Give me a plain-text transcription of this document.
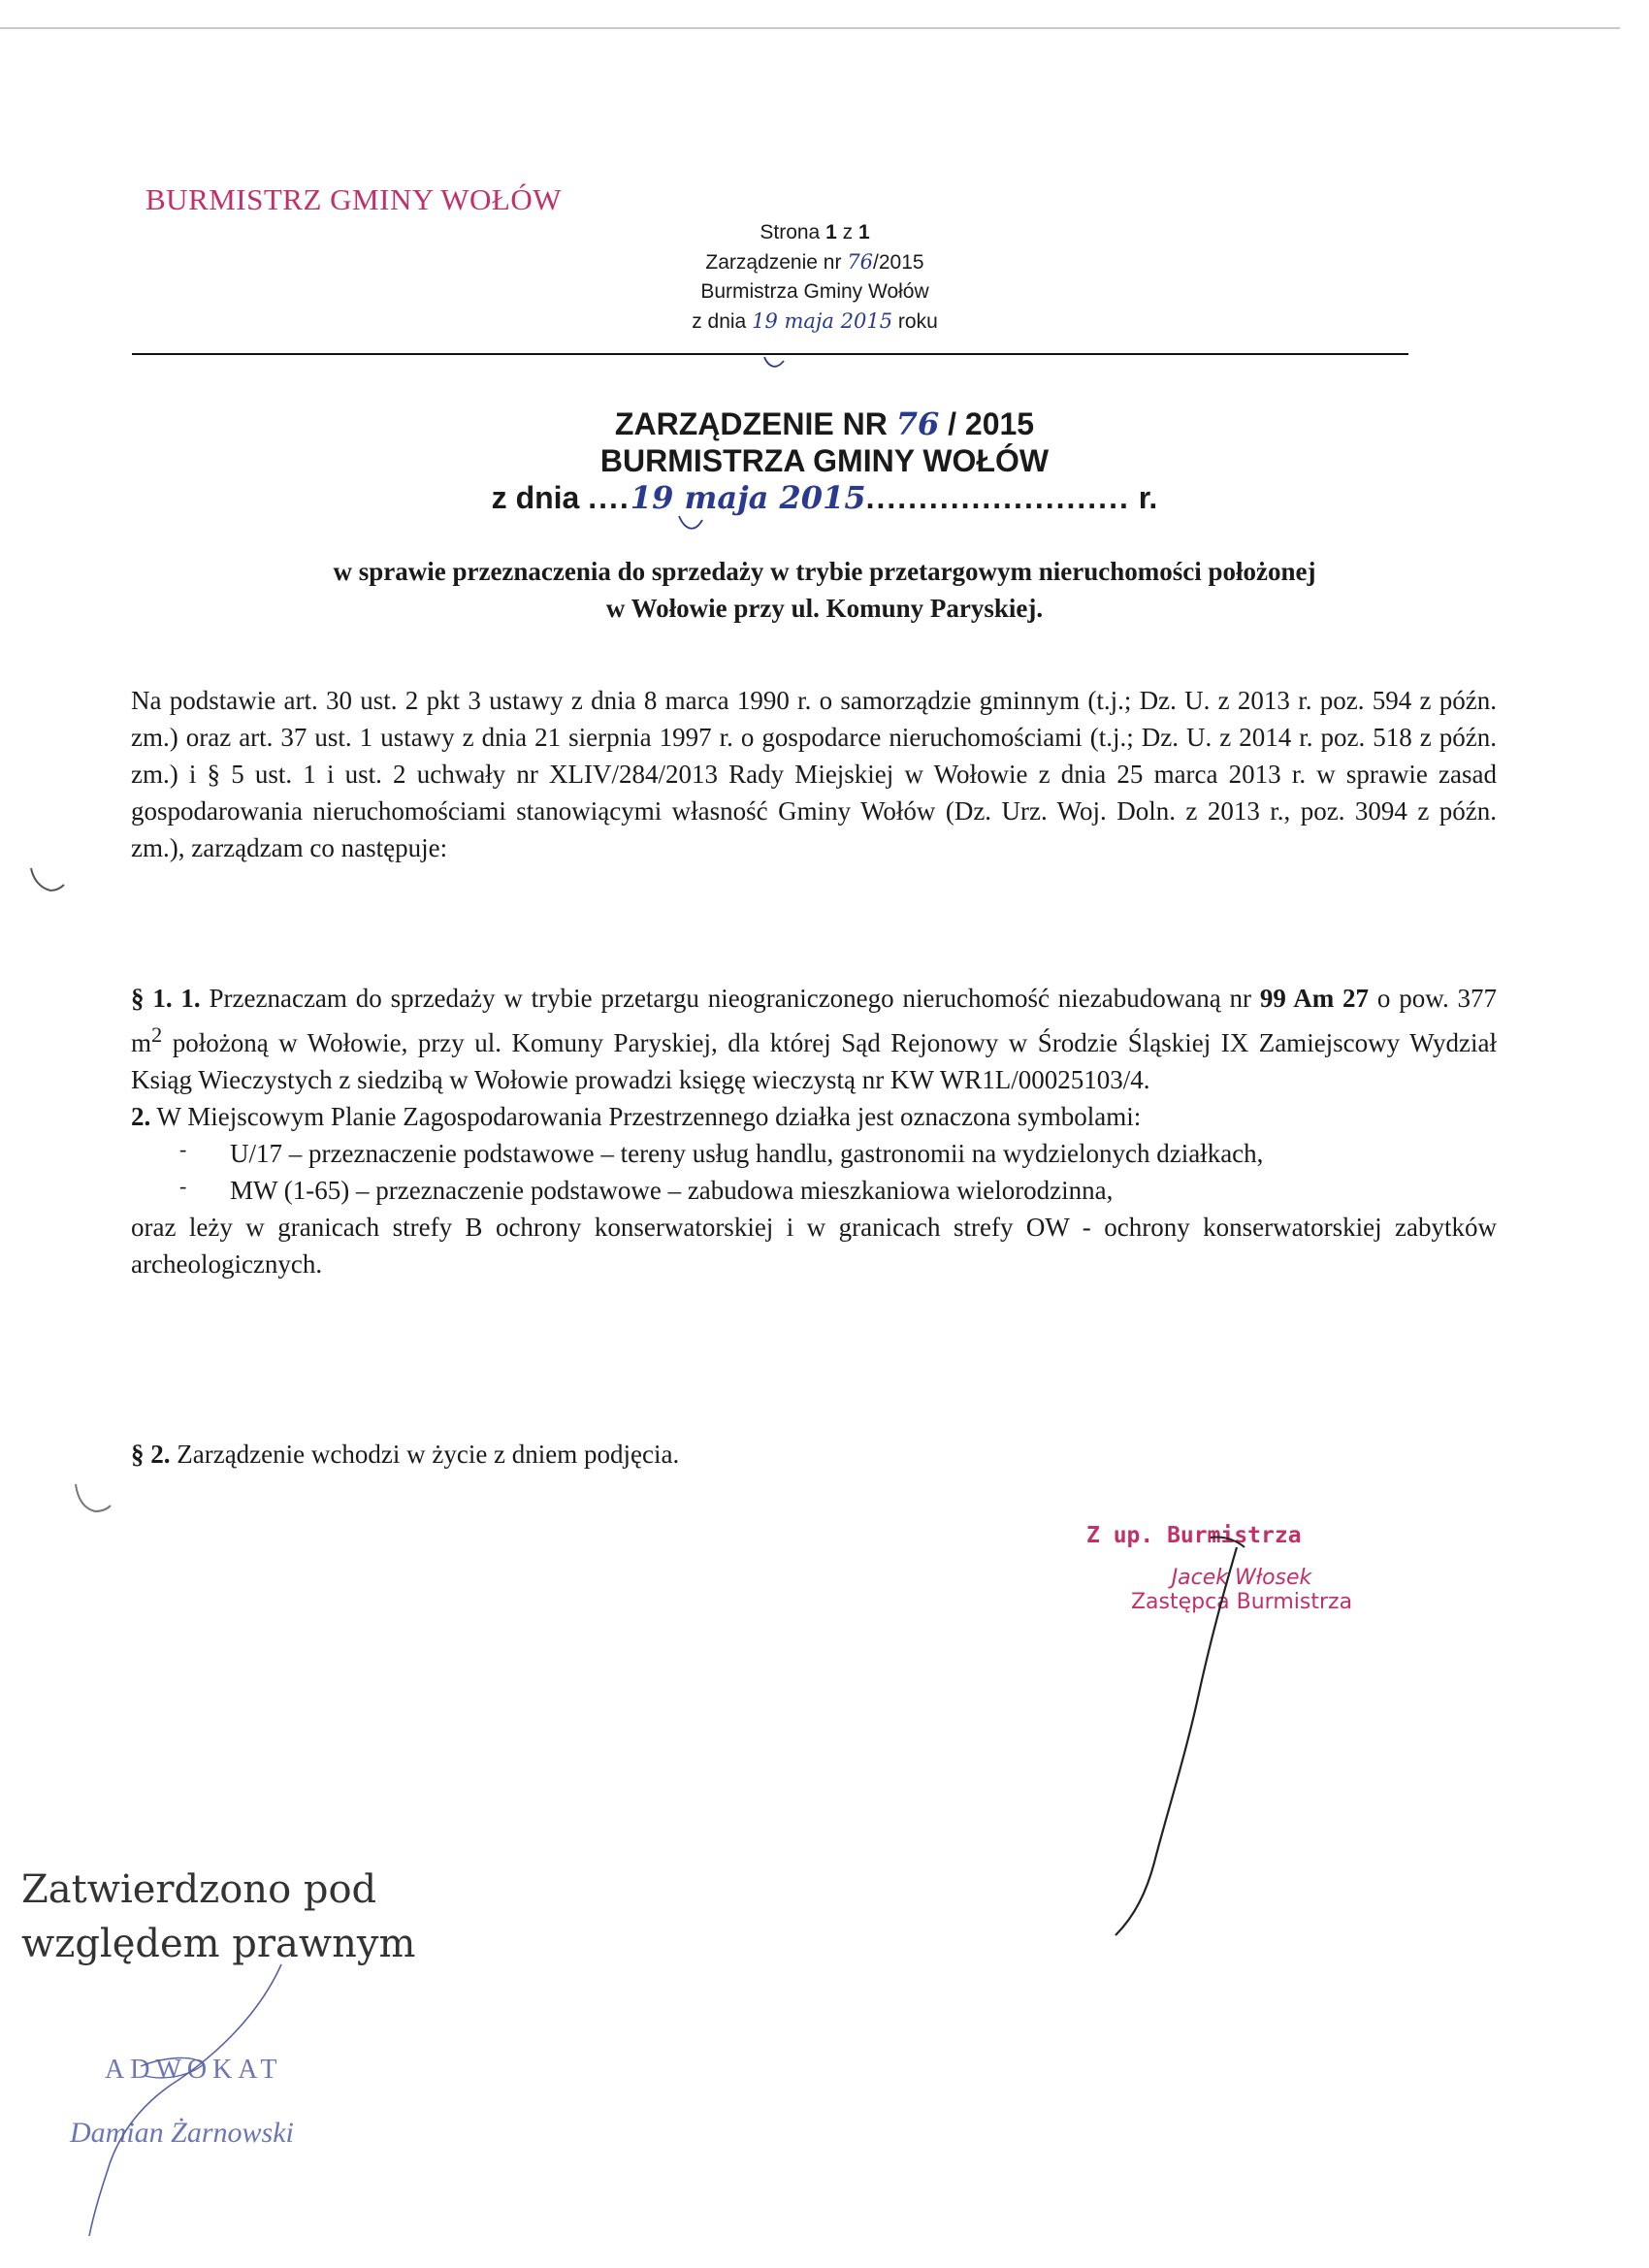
BURMISTRZ GMINY WOŁÓW
Strona 1 z 1
Zarządzenie nr 76/2015
Burmistrza Gminy Wołów
z dnia 19 maja 2015 roku
ZARZĄDZENIE NR 76 / 2015
BURMISTRZA GMINY WOŁÓW
z dnia ....19 maja 2015......................... r.
w sprawie przeznaczenia do sprzedaży w trybie przetargowym nieruchomości położonej
w Wołowie przy ul. Komuny Paryskiej.

Na podstawie art. 30 ust. 2 pkt 3 ustawy z dnia 8 marca 1990 r. o samorządzie gminnym (t.j.; Dz. U. z 2013 r. poz. 594 z późn. zm.) oraz art. 37 ust. 1 ustawy z dnia 21 sierpnia 1997 r. o gospodarce nieruchomościami (t.j.; Dz. U. z 2014 r. poz. 518 z późn. zm.) i § 5 ust. 1 i ust. 2 uchwały nr XLIV/284/2013 Rady Miejskiej w Wołowie z dnia 25 marca 2013 r. w sprawie zasad gospodarowania nieruchomościami stanowiącymi własność Gminy Wołów (Dz. Urz. Woj. Doln. z 2013 r., poz. 3094 z późn. zm.), zarządzam co następuje:

§ 1. 1. Przeznaczam do sprzedaży w trybie przetargu nieograniczonego nieruchomość niezabudowaną nr 99 Am 27 o pow. 377 $m^2$ położoną w Wołowie, przy ul. Komuny Paryskiej, dla której Sąd Rejonowy w Środzie Śląskiej IX Zamiejscowy Wydział Ksiąg Wieczystych z siedzibą w Wołowie prowadzi księgę wieczystą nr KW WR1L/00025103/4.

2. W Miejscowym Planie Zagospodarowania Przestrzennego działka jest oznaczona symbolami:

- U/17 – przeznaczenie podstawowe – tereny usług handlu, gastronomii na wydzielonych działkach,

- MW (1-65) – przeznaczenie podstawowe – zabudowa mieszkaniowa wielorodzinna,

oraz leży w granicach strefy B ochrony konserwatorskiej i w granicach strefy OW - ochrony konserwatorskiej zabytków archeologicznych.

§ 2. Zarządzenie wchodzi w życie z dniem podjęcia.

Z up. Burmistrza
Jacek Włosek
Zastępca Burmistrza
Zatwierdzono pod
względem prawnym
ADWOKAT
Damian Żarnowski
